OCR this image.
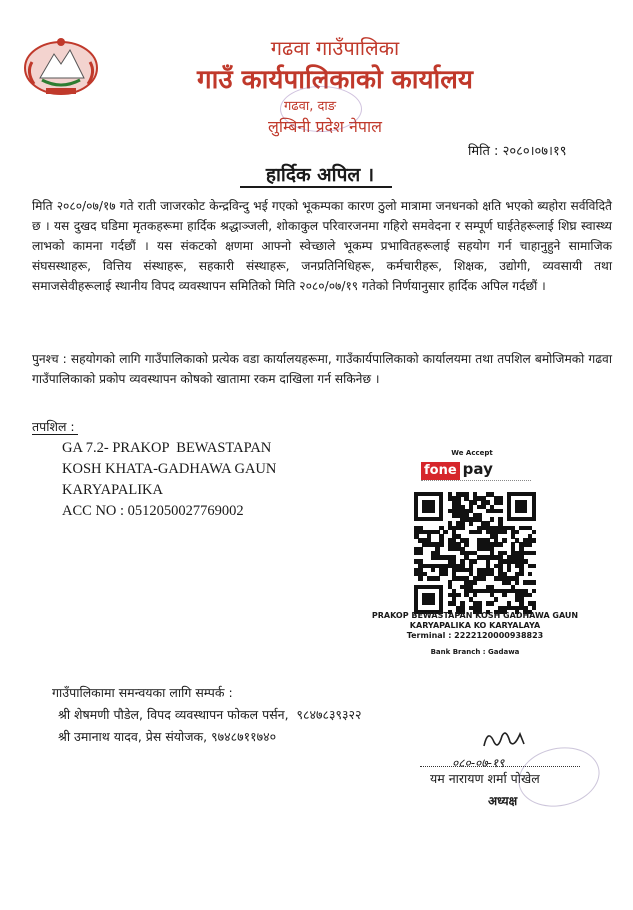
गढवा गाउँपालिका
गाउँ कार्यपालिकाको कार्यालय
गढवा, दाङ
लुम्बिनी प्रदेश नेपाल
मिति : २०८०।०७।१९
हार्दिक अपिल ।
मिति २०८०/०७/१७ गते राती जाजरकोट केन्द्रविन्दु भई गएको भूकम्पका कारण ठुलो मात्रामा जनधनको क्षति भएको ब्यहोरा सर्वविदितै छ । यस दुखद घडिमा मृतकहरूमा हार्दिक श्रद्धाञ्जली, शोकाकुल परिवारजनमा गहिरो समवेदना र सम्पूर्ण घाईतेहरूलाई शिघ्र स्वास्थ्य लाभको कामना गर्दछौं । यस संकटको क्षणमा आफ्नो स्वेच्छाले भूकम्प प्रभावितहरूलाई सहयोग गर्न चाहानुहुने सामाजिक संघसस्थाहरू, वित्तिय संस्थाहरू, सहकारी संस्थाहरू, जनप्रतिनिधिहरू, कर्मचारीहरू, शिक्षक, उद्योगी, व्यवसायी तथा समाजसेवीहरूलाई स्थानीय विपद व्यवस्थापन समितिको मिति २०८०/०७/१९ गतेको निर्णयानुसार हार्दिक अपिल गर्दछौं ।
पुनश्च : सहयोगको लागि गाउँपालिकाको प्रत्येक वडा कार्यालयहरूमा, गाउँकार्यपालिकाको कार्यालयमा तथा तपशिल बमोजिमको गढवा गाउँपालिकाको प्रकोप व्यवस्थापन कोषको खातामा रकम दाखिला गर्न सकिनेछ ।
तपशिल :
GA 7.2- PRAKOP  BEWASTAPAN
KOSH KHATA-GADHAWA GAUN
KARYAPALIKA
ACC NO : 051205002776900​2
We Accept
fone pay
PRAKOP BEWASTAPAN KOSH GADHAWA GAUN
KARYAPALIKA KO KARYALAYA
Terminal : 2222120000938823
Bank Branch : Gadawa
गाउँपालिकामा समन्वयका लागि सम्पर्क :
श्री शेषमणी पौडेल, विपद व्यवस्थापन फोकल पर्सन,  ९८४७८३९३२२
श्री उमानाथ यादव, प्रेस संयोजक, ९७४८७११७४०
०८०-०७-१९
यम नारायण शर्मा पोखेल
अध्यक्ष
